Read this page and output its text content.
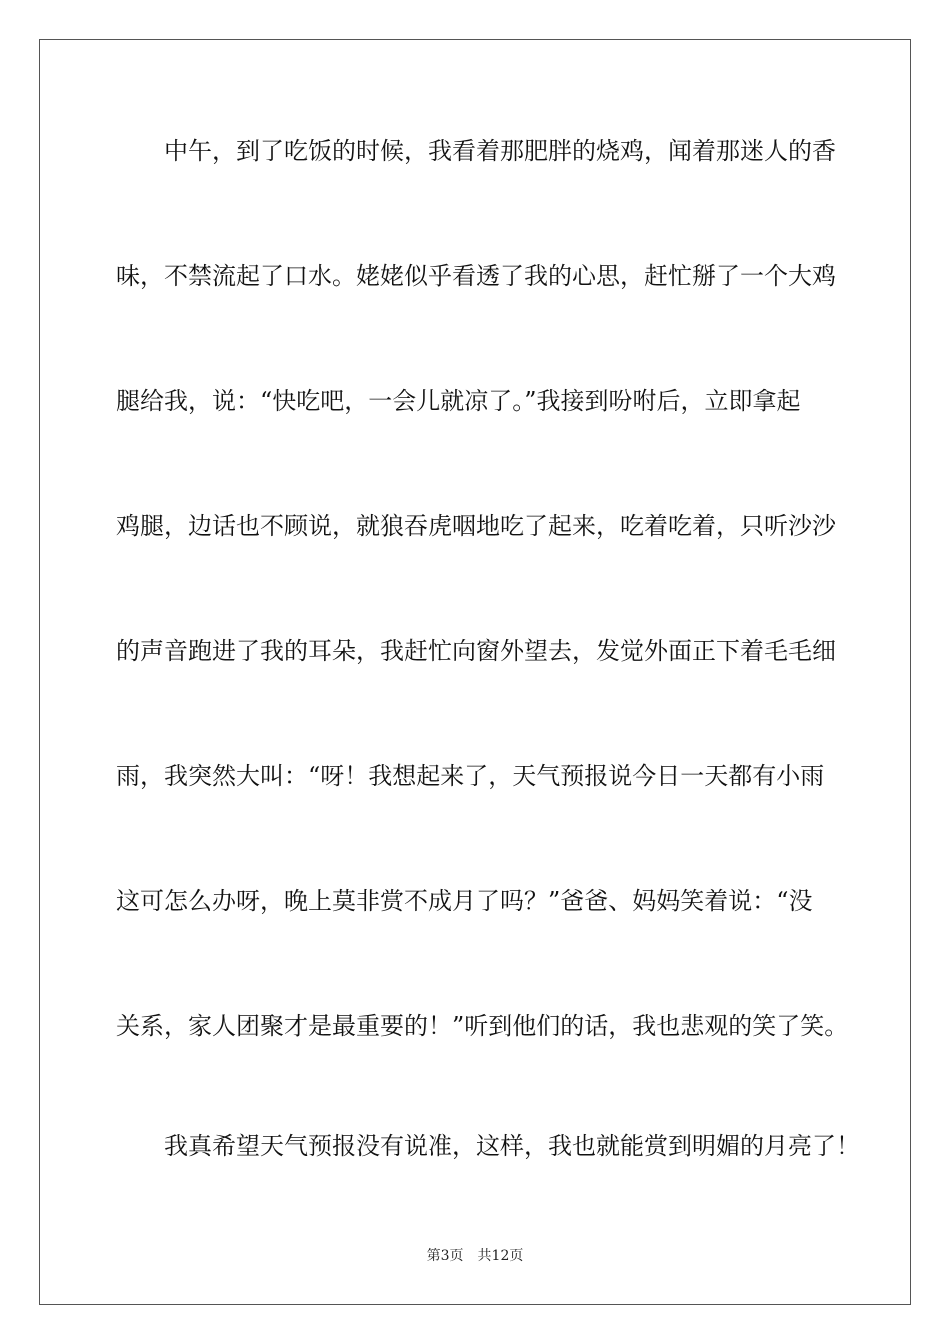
中午，到了吃饭的时候，我看着那肥胖的烧鸡，闻着那迷人的香
味，不禁流起了口水。姥姥似乎看透了我的心思，赶忙掰了一个大鸡
腿给我，说：“快吃吧，一会儿就凉了。”我接到吩咐后，立即拿起
鸡腿，边话也不顾说，就狼吞虎咽地吃了起来，吃着吃着，只听沙沙
的声音跑进了我的耳朵，我赶忙向窗外望去，发觉外面正下着毛毛细
雨，我突然大叫：“呀！我想起来了，天气预报说今日一天都有小雨
这可怎么办呀，晚上莫非赏不成月了吗？”爸爸、妈妈笑着说：“没
关系，家人团聚才是最重要的！”听到他们的话，我也悲观的笑了笑。
我真希望天气预报没有说准，这样，我也就能赏到明媚的月亮了！
第3页 共12页
